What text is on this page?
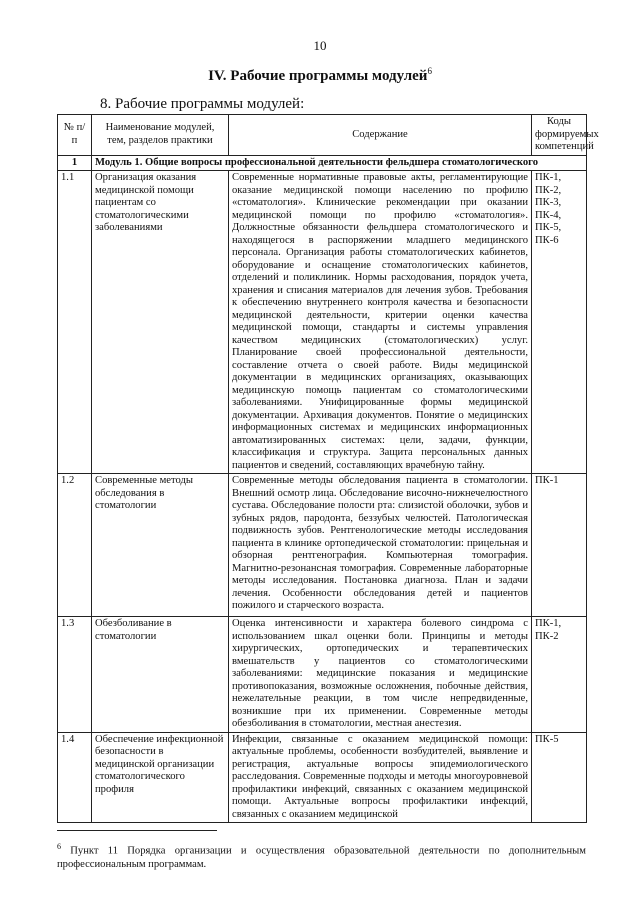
10
IV. Рабочие программы модулей$^6$
8. Рабочие программы модулей:
№ п/п	Наименование модулей, тем, разделов практики	Содержание	Коды формируемых компетенций
1	Модуль 1. Общие вопросы профессиональной деятельности фельдшера стоматологического		
1.1	Организация оказания медицинской помощи пациентам со стоматологическими заболеваниями	Современные нормативные правовые акты, регламентирующие оказание медицинской помощи населению по профилю «стоматология». Клинические рекомендации при оказании медицинской помощи по профилю «стоматология». Должностные обязанности фельдшера стоматологического и находящегося в распоряжении младшего медицинского персонала. Организация работы стоматологических кабинетов, оборудование и оснащение стоматологических кабинетов, отделений и поликлиник. Нормы расходования, порядок учета, хранения и списания материалов для лечения зубов. Требования к обеспечению внутреннего контроля качества и безопасности медицинской деятельности, критерии оценки качества медицинской помощи, стандарты и системы управления качеством медицинских (стоматологических) услуг. Планирование своей профессиональной деятельности, составление отчета о своей работе. Виды медицинской документации в медицинских организациях, оказывающих медицинскую помощь пациентам со стоматологическими заболеваниями. Унифицированные формы медицинской документации. Архивация документов. Понятие о медицинских информационных системах и медицинских информационных автоматизированных системах: цели, задачи, функции, классификация и структура. Защита персональных данных пациентов и сведений, составляющих врачебную тайну.	ПК-1, ПК-2, ПК-3, ПК-4, ПК-5, ПК-6
1.2	Современные методы обследования в стоматологии	Современные методы обследования пациента в стоматологии. Внешний осмотр лица. Обследование височно-нижнечелюстного сустава. Обследование полости рта: слизистой оболочки, зубов и зубных рядов, пародонта, беззубых челюстей. Патологическая подвижность зубов. Рентгенологические методы исследования пациента в клинике ортопедической стоматологии: прицельная и обзорная рентгенография. Компьютерная томография. Магнитно-резонансная томография. Современные лабораторные методы исследования. Постановка диагноза. План и задачи лечения. Особенности обследования детей и пациентов пожилого и старческого возраста.	ПК-1
1.3	Обезболивание в стоматологии	Оценка интенсивности и характера болевого синдрома с использованием шкал оценки боли. Принципы и методы хирургических, ортопедических и терапевтических вмешательств у пациентов со стоматологическими заболеваниями: медицинские показания и медицинские противопоказания, возможные осложнения, побочные действия, нежелательные реакции, в том числе непредвиденные, возникшие при их применении. Современные методы обезболивания в стоматологии, местная анестезия.	ПК-1, ПК-2
1.4	Обеспечение инфекционной безопасности в медицинской организации стоматологического профиля	Инфекции, связанные с оказанием медицинской помощи: актуальные проблемы, особенности возбудителей, выявление и регистрация, актуальные вопросы эпидемиологического расследования. Современные подходы и методы многоуровневой профилактики инфекций, связанных с оказанием медицинской помощи. Актуальные вопросы профилактики инфекций, связанных с оказанием медицинской	ПК-5
$^6$ Пункт 11 Порядка организации и осуществления образовательной деятельности по дополнительным профессиональным программам.
